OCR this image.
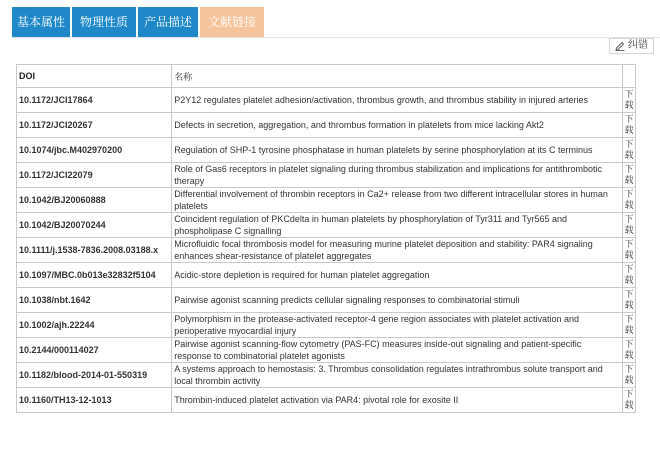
基本属性	物理性质	产品描述	文献链接
纠错
DOI	名称	
10.1172/JCI17864	P2Y12 regulates platelet adhesion/activation, thrombus growth, and thrombus stability in injured arteries	下载
10.1172/JCI20267	Defects in secretion, aggregation, and thrombus formation in platelets from mice lacking Akt2	下载
10.1074/jbc.M402970200	Regulation of SHP-1 tyrosine phosphatase in human platelets by serine phosphorylation at its C terminus	下载
10.1172/JCI22079	Role of Gas6 receptors in platelet signaling during thrombus stabilization and implications for antithrombotic therapy	下载
10.1042/BJ20060888	Differential involvement of thrombin receptors in Ca2+ release from two different intracellular stores in human platelets	下载
10.1042/BJ20070244	Coincident regulation of PKCdelta in human platelets by phosphorylation of Tyr311 and Tyr565 and phospholipase C signalling	下载
10.1111/j.1538-7836.2008.03188.x	Microfluidic focal thrombosis model for measuring murine platelet deposition and stability: PAR4 signaling enhances shear-resistance of platelet aggregates	下载
10.1097/MBC.0b013e32832f5104	Acidic-store depletion is required for human platelet aggregation	下载
10.1038/nbt.1642	Pairwise agonist scanning predicts cellular signaling responses to combinatorial stimuli	下载
10.1002/ajh.22244	Polymorphism in the protease-activated receptor-4 gene region associates with platelet activation and perioperative myocardial injury	下载
10.2144/000114027	Pairwise agonist scanning-flow cytometry (PAS-FC) measures inside-out signaling and patient-specific response to combinatorial platelet agonists	下载
10.1182/blood-2014-01-550319	A systems approach to hemostasis: 3. Thrombus consolidation regulates intrathrombus solute transport and local thrombin activity	下载
10.1160/TH13-12-1013	Thrombin-induced platelet activation via PAR4: pivotal role for exosite II	下载
